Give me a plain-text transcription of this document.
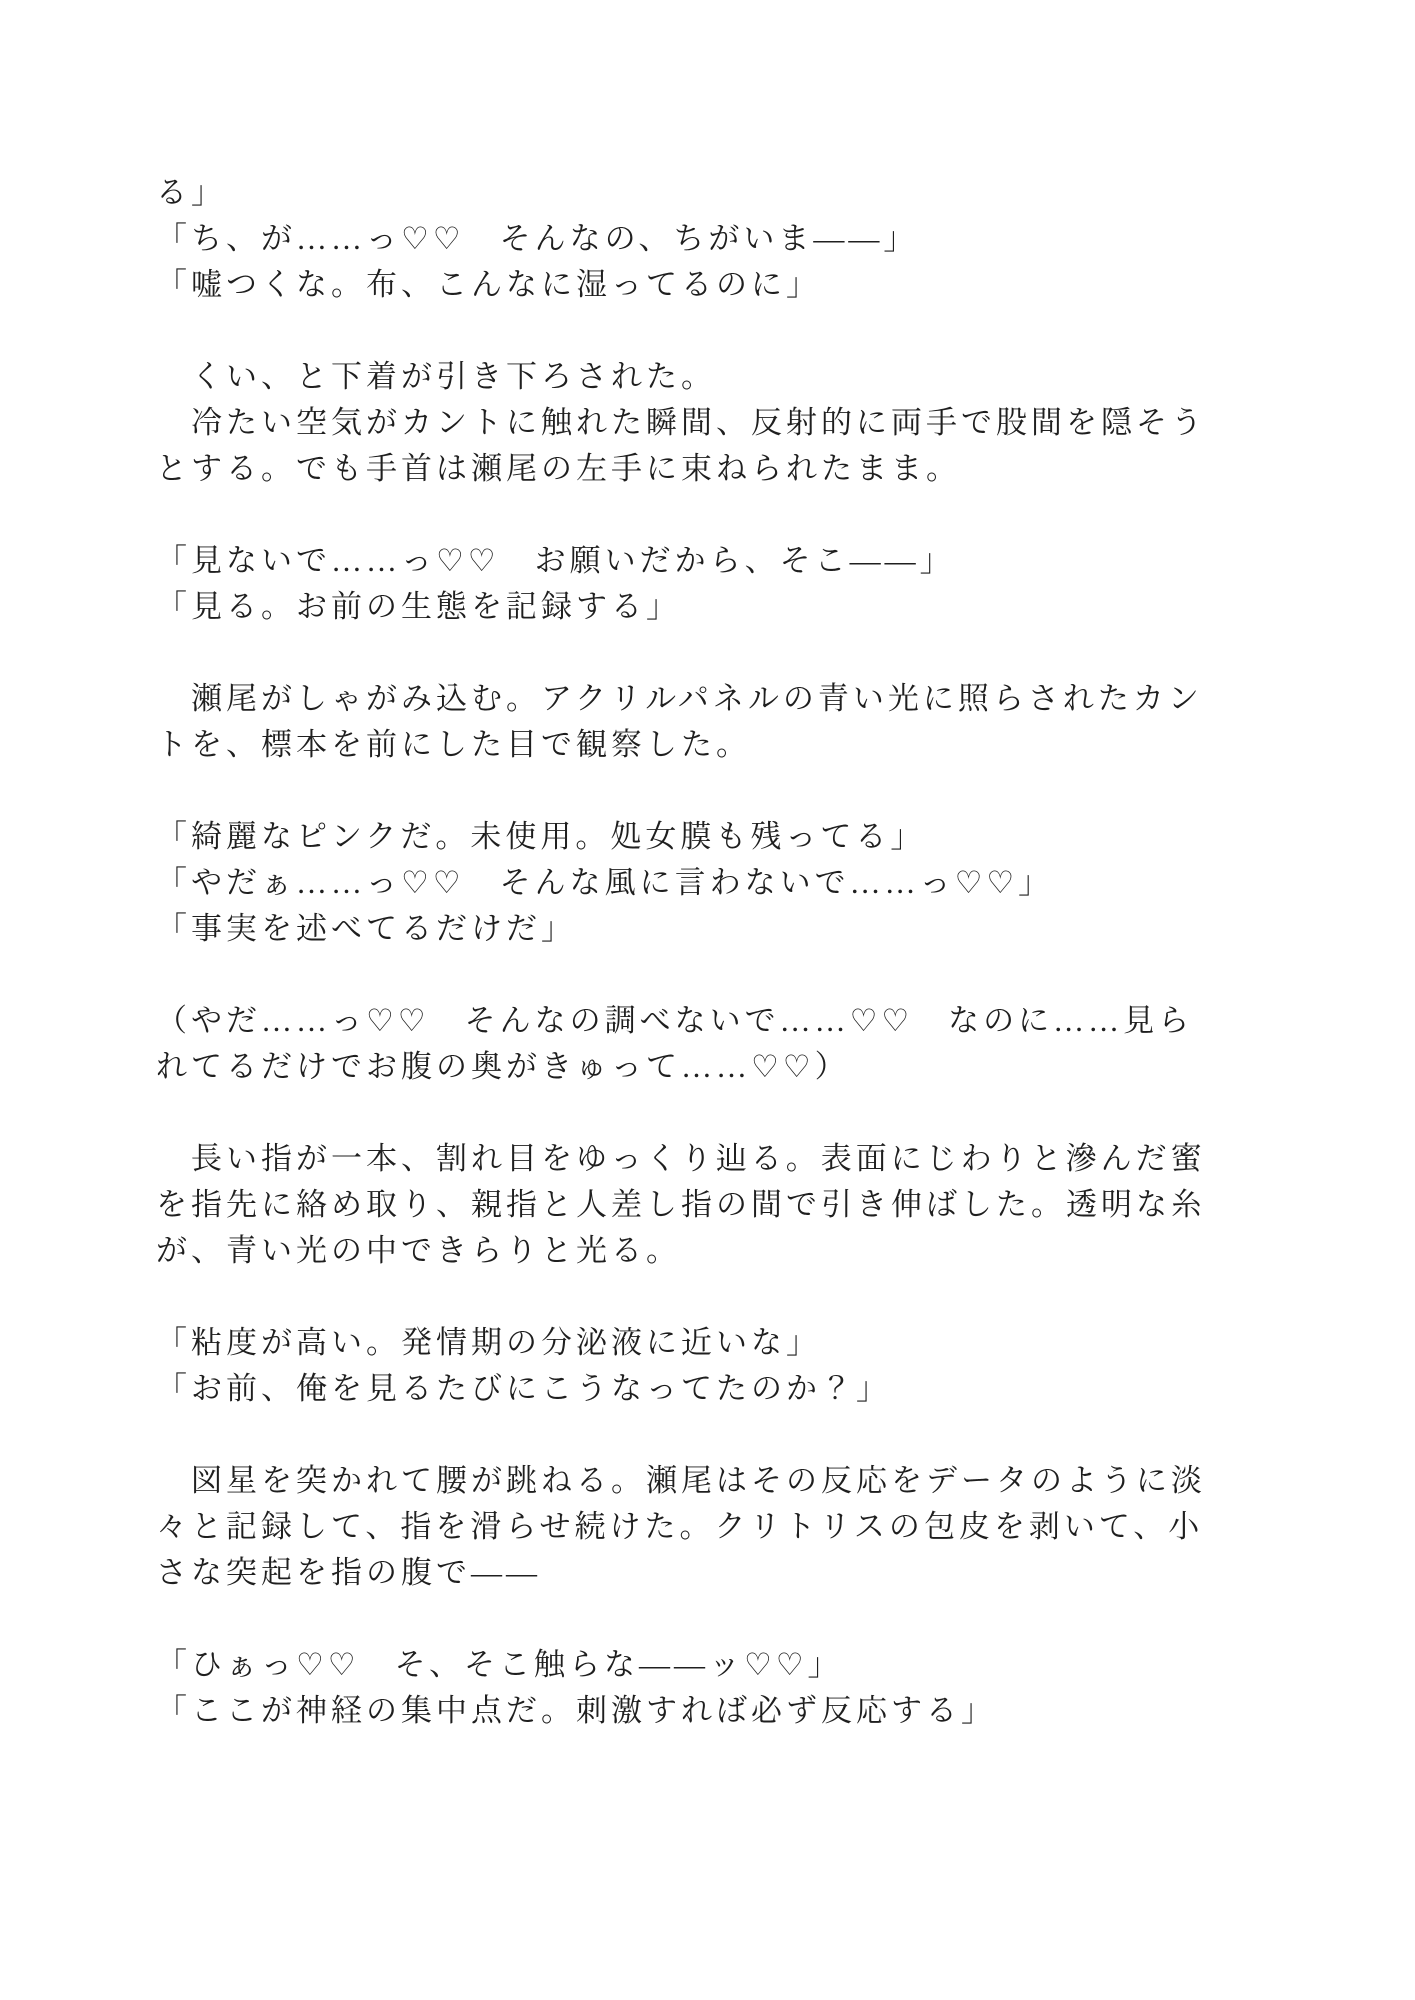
る」
「ち、が……っ♡♡　そんなの、ちがいま——」
「嘘つくな。布、こんなに湿ってるのに」
　くい、と下着が引き下ろされた。
　冷たい空気がカントに触れた瞬間、反射的に両手で股間を隠そう
とする。でも手首は瀬尾の左手に束ねられたまま。
「見ないで……っ♡♡　お願いだから、そこ——」
「見る。お前の生態を記録する」
　瀬尾がしゃがみ込む。アクリルパネルの青い光に照らされたカン
トを、標本を前にした目で観察した。
「綺麗なピンクだ。未使用。処女膜も残ってる」
「やだぁ……っ♡♡　そんな風に言わないで……っ♡♡」
「事実を述べてるだけだ」
（やだ……っ♡♡　そんなの調べないで……♡♡　なのに……見ら
れてるだけでお腹の奥がきゅって……♡♡）
　長い指が一本、割れ目をゆっくり辿る。表面にじわりと滲んだ蜜
を指先に絡め取り、親指と人差し指の間で引き伸ばした。透明な糸
が、青い光の中できらりと光る。
「粘度が高い。発情期の分泌液に近いな」
「お前、俺を見るたびにこうなってたのか？」
　図星を突かれて腰が跳ねる。瀬尾はその反応をデータのように淡
々と記録して、指を滑らせ続けた。クリトリスの包皮を剥いて、小
さな突起を指の腹で——
「ひぁっ♡♡　そ、そこ触らな——ッ♡♡」
「ここが神経の集中点だ。刺激すれば必ず反応する」
